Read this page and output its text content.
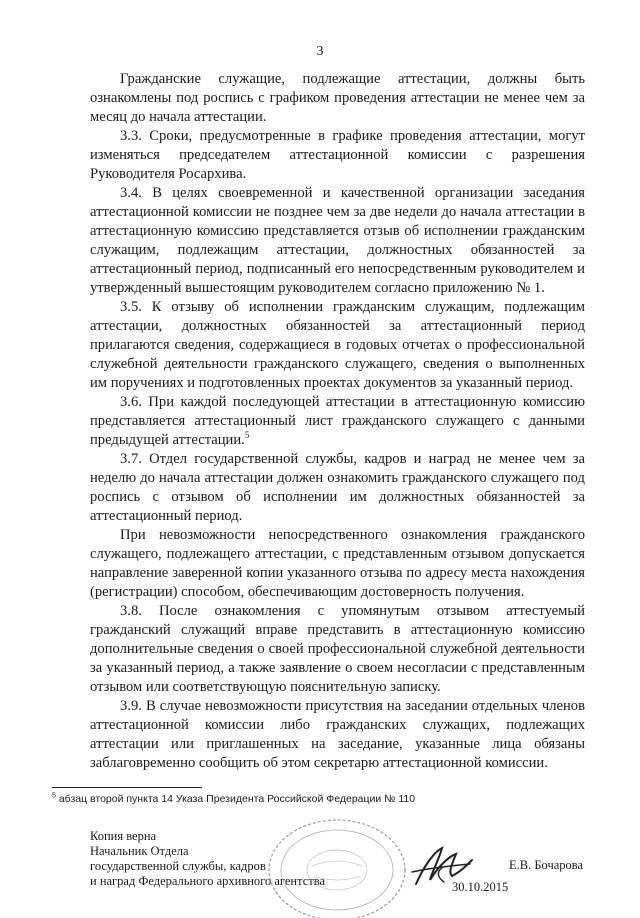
3

Гражданские служащие, подлежащие аттестации, должны быть ознакомлены под роспись с графиком проведения аттестации не менее чем за месяц до начала аттестации.

3.3. Сроки, предусмотренные в графике проведения аттестации, могут изменяться председателем аттестационной комиссии с разрешения Руководителя Росархива.

3.4. В целях своевременной и качественной организации заседания аттестационной комиссии не позднее чем за две недели до начала аттестации в аттестационную комиссию представляется отзыв об исполнении гражданским служащим, подлежащим аттестации, должностных обязанностей за аттестационный период, подписанный его непосредственным руководителем и утвержденный вышестоящим руководителем согласно приложению № 1.

3.5. К отзыву об исполнении гражданским служащим, подлежащим аттестации, должностных обязанностей за аттестационный период прилагаются сведения, содержащиеся в годовых отчетах о профессиональной служебной деятельности гражданского служащего, сведения о выполненных им поручениях и подготовленных проектах документов за указанный период.

3.6. При каждой последующей аттестации в аттестационную комиссию представляется аттестационный лист гражданского служащего с данными предыдущей аттестации.$^5$

3.7. Отдел государственной службы, кадров и наград не менее чем за неделю до начала аттестации должен ознакомить гражданского служащего под роспись с отзывом об исполнении им должностных обязанностей за аттестационный период.

При невозможности непосредственного ознакомления гражданского служащего, подлежащего аттестации, с представленным отзывом допускается направление заверенной копии указанного отзыва по адресу места нахождения (регистрации) способом, обеспечивающим достоверность получения.

3.8. После ознакомления с упомянутым отзывом аттестуемый гражданский служащий вправе представить в аттестационную комиссию дополнительные сведения о своей профессиональной служебной деятельности за указанный период, а также заявление о своем несогласии с представленным отзывом или соответствующую пояснительную записку.

3.9. В случае невозможности присутствия на заседании отдельных членов аттестационной комиссии либо гражданских служащих, подлежащих аттестации или приглашенных на заседание, указанные лица обязаны заблаговременно сообщить об этом секретарю аттестационной комиссии.

$^5$ абзац второй пункта 14 Указа Президента Российской Федерации № 110
Копия верна
Начальник Отдела
государственной службы, кадров
и наград Федерального архивного агентства	30.10.2015
Е.В. Бочарова
